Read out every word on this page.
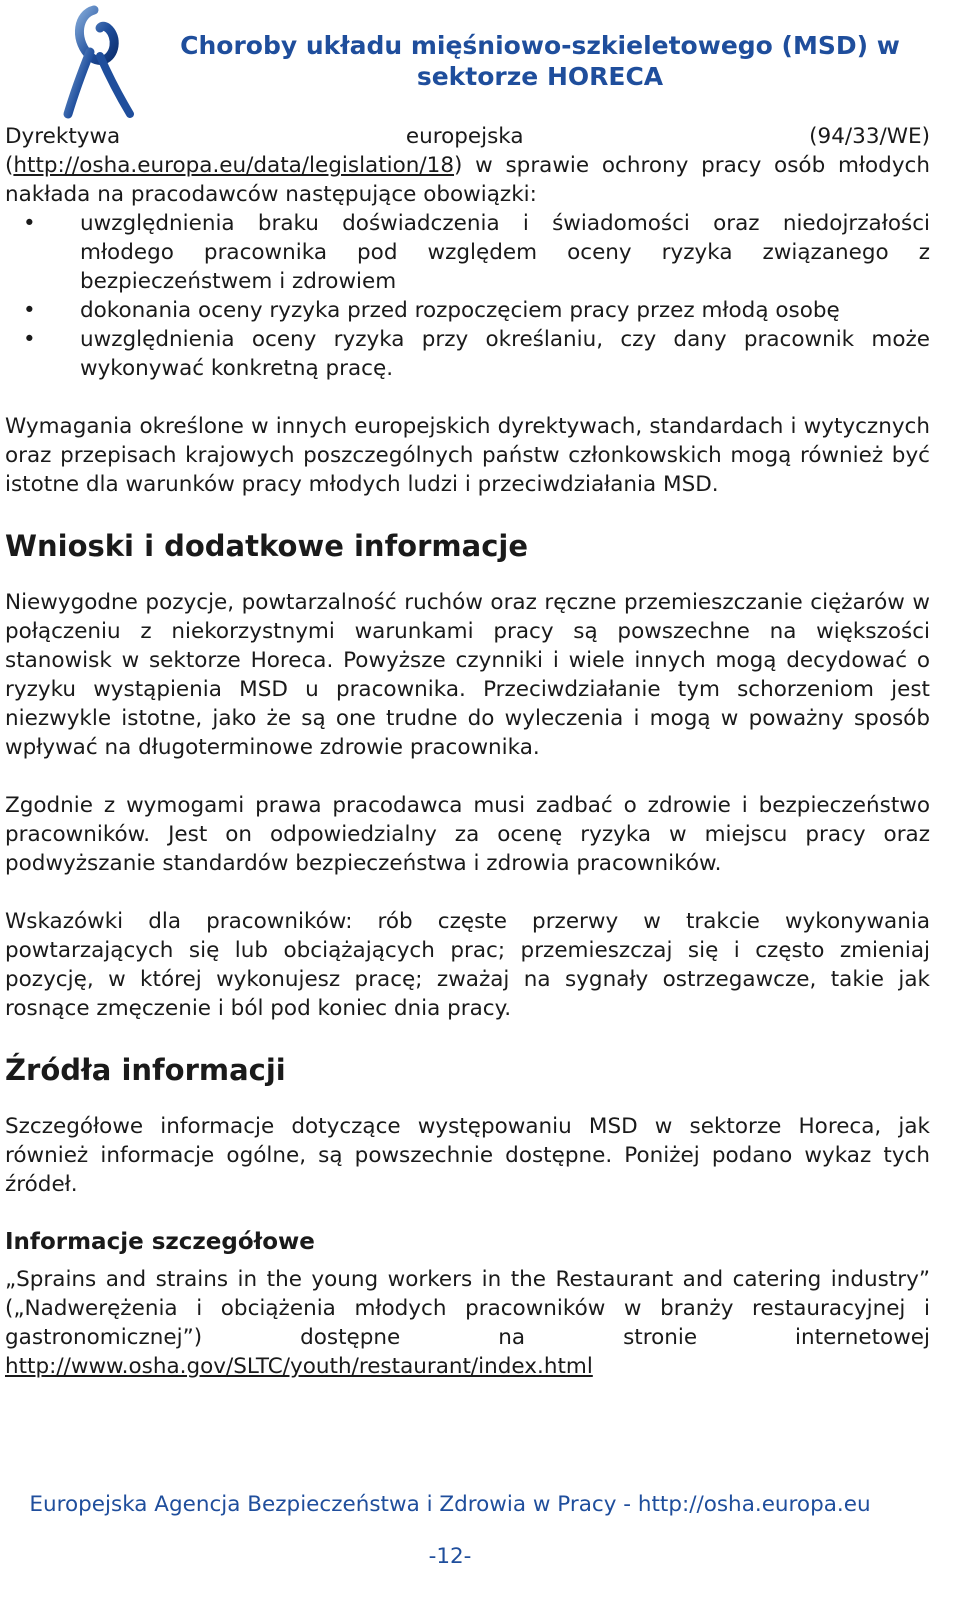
Choroby układu mięśniowo-szkieletowego (MSD) w sektorze HORECA
Dyrektywa	europejska	(94/33/WE)

(http://osha.europa.eu/data/legislation/18) w sprawie ochrony pracy osób młodych nakłada na pracodawców następujące obowiązki:

• uwzględnienia braku doświadczenia i świadomości oraz niedojrzałości młodego pracownika pod względem oceny ryzyka związanego z bezpieczeństwem i zdrowiem
• dokonania oceny ryzyka przed rozpoczęciem pracy przez młodą osobę
• uwzględnienia oceny ryzyka przy określaniu, czy dany pracownik może wykonywać konkretną pracę.

Wymagania określone w innych europejskich dyrektywach, standardach i wytycznych oraz przepisach krajowych poszczególnych państw członkowskich mogą również być istotne dla warunków pracy młodych ludzi i przeciwdziałania MSD.

Wnioski i dodatkowe informacje

Niewygodne pozycje, powtarzalność ruchów oraz ręczne przemieszczanie ciężarów w połączeniu z niekorzystnymi warunkami pracy są powszechne na większości stanowisk w sektorze Horeca. Powyższe czynniki i wiele innych mogą decydować o ryzyku wystąpienia MSD u pracownika. Przeciwdziałanie tym schorzeniom jest niezwykle istotne, jako że są one trudne do wyleczenia i mogą w poważny sposób wpływać na długoterminowe zdrowie pracownika.

Zgodnie z wymogami prawa pracodawca musi zadbać o zdrowie i bezpieczeństwo pracowników. Jest on odpowiedzialny za ocenę ryzyka w miejscu pracy oraz podwyższanie standardów bezpieczeństwa i zdrowia pracowników.

Wskazówki dla pracowników: rób częste przerwy w trakcie wykonywania powtarzających się lub obciążających prac; przemieszczaj się i często zmieniaj pozycję, w której wykonujesz pracę; zważaj na sygnały ostrzegawcze, takie jak rosnące zmęczenie i ból pod koniec dnia pracy.

Źródła informacji

Szczegółowe informacje dotyczące występowaniu MSD w sektorze Horeca, jak również informacje ogólne, są powszechnie dostępne. Poniżej podano wykaz tych źródeł.

Informacje szczegółowe

„Sprains and strains in the young workers in the Restaurant and catering industry” („Nadwerężenia i obciążenia młodych pracowników w branży restauracyjnej i gastronomicznej”) dostępne na stronie internetowej http://www.osha.gov/SLTC/youth/restaurant/index.html

Europejska Agencja Bezpieczeństwa i Zdrowia w Pracy - http://osha.europa.eu
-12-
